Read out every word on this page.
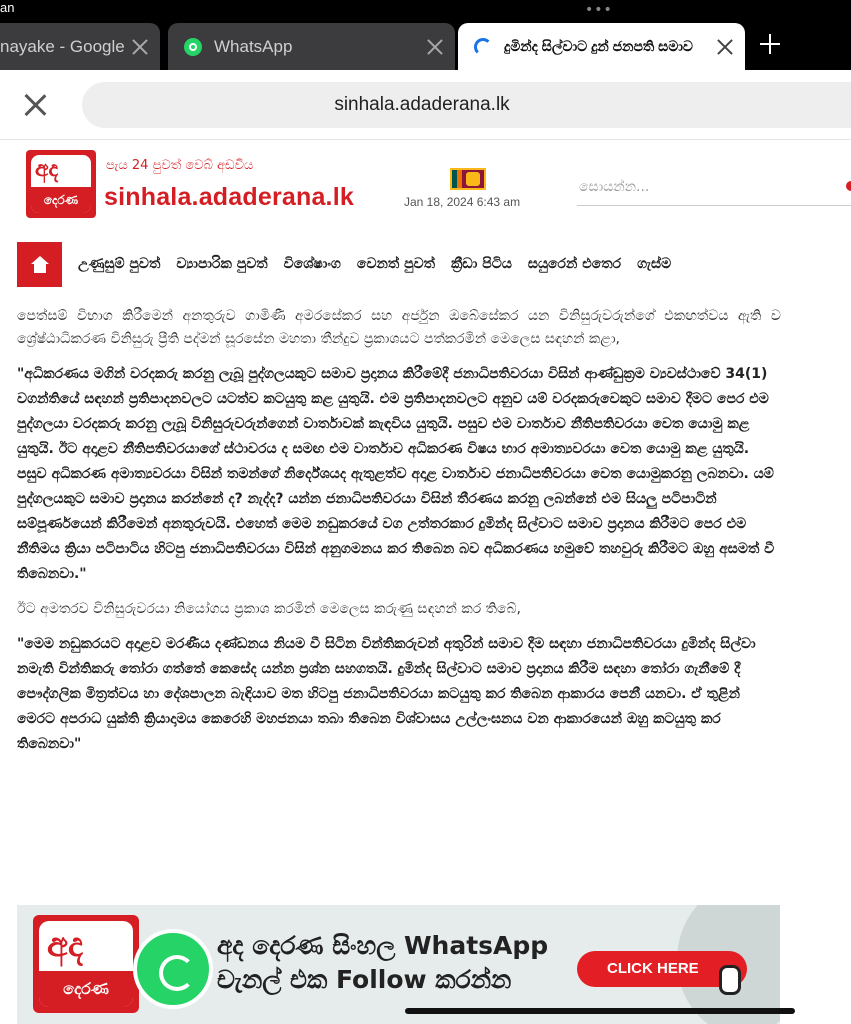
an	•••
nayake - Google	WhatsApp	දුමින්ද සිල්වාට දුන් ජනපති සමාව
sinhala.adaderana.lk
අද
දෙරණ
පැය 24 පුවත් වෙබ් අඩවිය
sinhala.adaderana.lk	Jan 18, 2024 6:43 am
සොයන්න...
උණුසුම් පුවත් ව්‍යාපාරික පුවත් විශේෂාංග වෙනත් පුවත් ක්‍රීඩා පිටිය සයුරෙන් එතෙර ගැස්ම

පෙත්සම් විභාග කිරීමෙන් අනතුරුව ගාමිණී අමරසේකර සහ අර්ජුන ඔබේසේකර යන විනිසුරුවරුන්ගේ එකඟත්වය ඇති ව ශ්‍රේෂ්ඨාධිකරණ විනිසුරු ප්‍රීති පද්මන් සූරසේන මහතා තීන්දුව ප්‍රකාශයට පත්කරමින් මෙලෙස සඳහන් කළා,

"අධිකරණය මගින් වරදකරු කරනු ලැබූ පුද්ගලයකුට සමාව ප්‍රදානය කිරීමේදී ජනාධිපතිවරයා විසින් ආණ්ඩුක්‍රම ව්‍යවස්ථාවේ 34(1) වගන්තියේ සඳහන් ප්‍රතිපාදනවලට යටත්ව කටයුතු කළ යුතුයි. එම ප්‍රතිපාදනවලට අනුව යම් වරදකරුවෙකුට සමාව දීමට පෙර එම පුද්ගලයා වරදකරු කරනු ලැබූ විනිසුරුවරුන්ගෙන් වාර්තාවක් කැඳවිය යුතුයි. පසුව එම වාර්තාව නීතිපතිවරයා වෙත යොමු කළ යුතුයි. ඊට අදාළව නීතිපතිවරයාගේ ස්ථාවරය ද සමඟ එම වාර්තාව අධිකරණ විෂය භාර අමාත්‍යවරයා වෙත යොමු කළ යුතුයි. පසුව අධිකරණ අමාත්‍යවරයා විසින් තමන්ගේ නිර්දේශයද ඇතුළත්ව අදාළ වාර්තාව ජනාධිපතිවරයා වෙත යොමුකරනු ලබනවා. යම් පුද්ගලයකුට සමාව ප්‍රදානය කරන්නේ ද? නැද්ද? යන්න ජනාධිපතිවරයා විසින් තීරණය කරනු ලබන්නේ එම සියලු පටිපාටින් සම්පූර්ණයෙන් කිරීමෙන් අනතුරුවයි. එහෙත් මෙම නඩුකරයේ වග උත්තරකාර දුමින්ද සිල්වාට සමාව ප්‍රදානය කිරීමට පෙර එම නීතිමය ක්‍රියා පටිපාටිය හිටපු ජනාධිපතිවරයා විසින් අනුගමනය කර තිබෙන බව අධිකරණය හමුවේ තහවුරු කිරීමට ඔහු අසමත් වී තිබෙනවා."

ඊට අමතරව විනිසුරුවරයා නියෝගය ප්‍රකාශ කරමින් මෙලෙස කරුණු සඳහන් කර තිබේ,

"මෙම නඩුකරයට අදාළව මරණීය දණ්ඩනය නියම වී සිටින වින්තිකරුවන් අතුරින් සමාව දීම සඳහා ජනාධිපතිවරයා දුමින්ද සිල්වා නමැති වින්තිකරු තෝරා ගත්තේ කෙසේද යන්න ප්‍රශ්න සහගතයි. දුමින්ද සිල්වාට සමාව ප්‍රදානය කිරීම සඳහා තෝරා ගැනීමේ දී පෞද්ගලික මිත්‍රත්වය හා දේශපාලන බැඳියාව මත හිටපු ජනාධිපතිවරයා කටයුතු කර තිබෙන ආකාරය පෙනී යනවා. ඒ තුළින් මෙරට අපරාධ යුක්ති ක්‍රියාදාමය කෙරෙහි මහජනයා තබා තිබෙන විශ්වාසය උල්ලංඝනය වන ආකාරයෙන් ඔහු කටයුතු කර තිබෙනවා"

අද
දෙරණ
අද දෙරණ සිංහල WhatsApp
චැනල් එක Follow කරන්න	CLICK HERE
